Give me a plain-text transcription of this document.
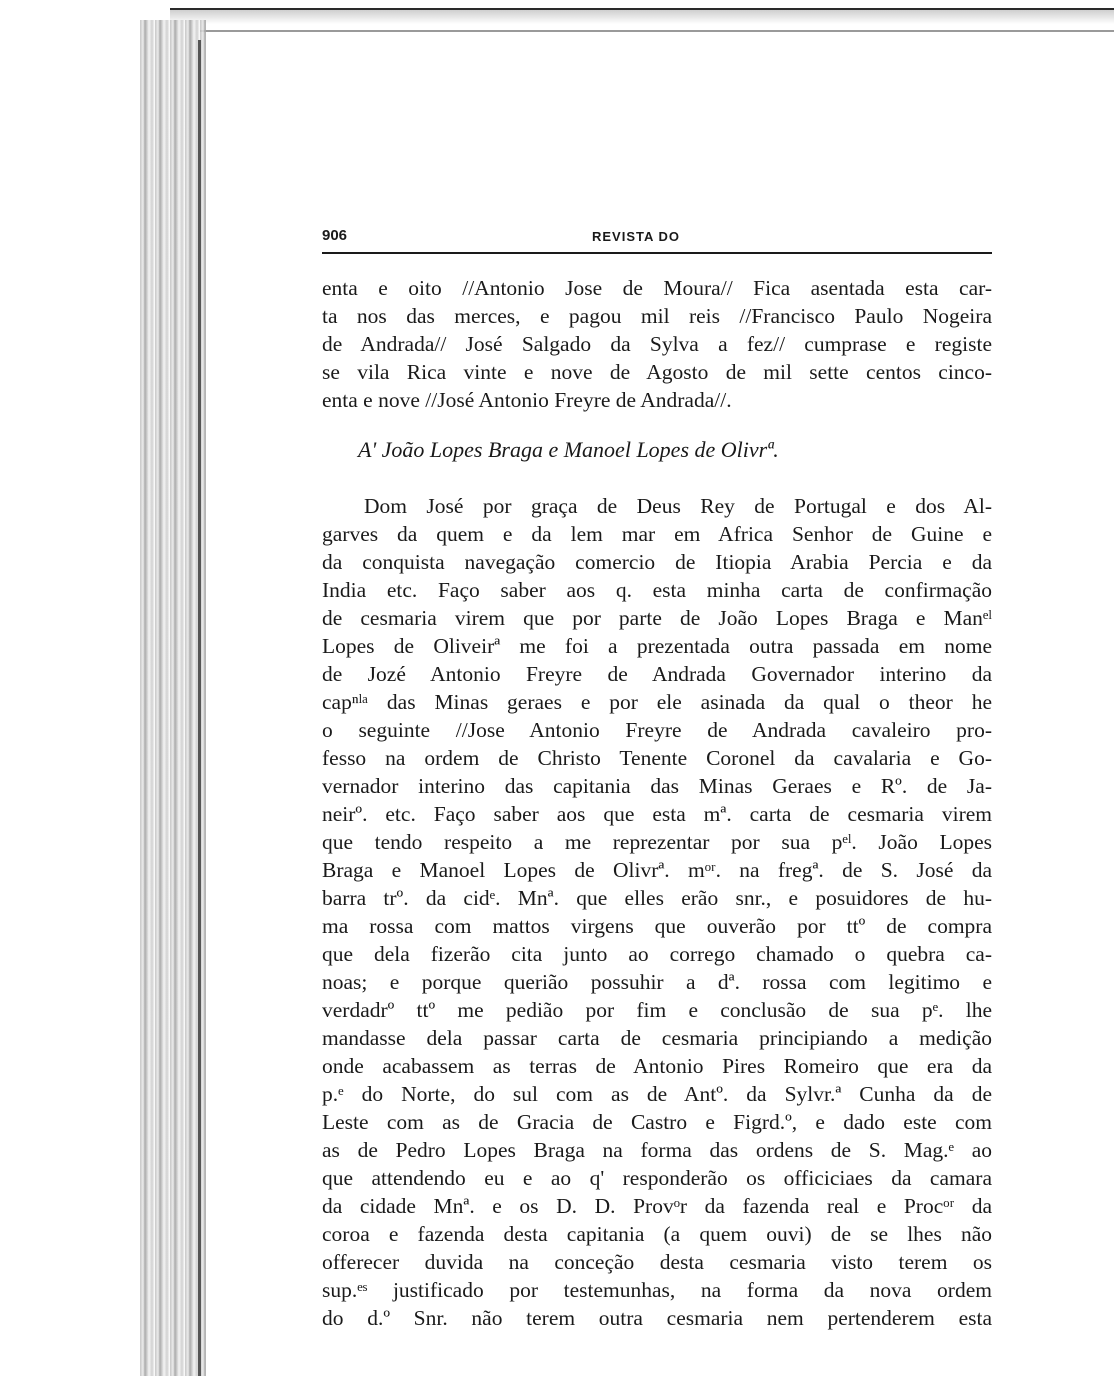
906	REVISTA DO

enta e oito //Antonio Jose de Moura// Fica asentada esta car-
ta nos das merces, e pagou mil reis //Francisco Paulo Nogeira
de Andrada// José Salgado da Sylva a fez// cumprase e registe
se vila Rica vinte e nove de Agosto de mil sette centos cinco-
enta e nove //José Antonio Freyre de Andrada//.

A' João Lopes Braga e Manoel Lopes de Olivrª.

Dom José por graça de Deus Rey de Portugal e dos Al-
garves da quem e da lem mar em Africa Senhor de Guine e
da conquista navegação comercio de Itiopia Arabia Percia e da
India etc. Faço saber aos q. esta minha carta de confirmação
de cesmaria virem que por parte de João Lopes Braga e Manᵉˡ
Lopes de Oliveirª me foi a prezentada outra passada em nome
de Jozé Antonio Freyre de Andrada Governador interino da
capⁿˡᵃ das Minas geraes e por ele asinada da qual o theor he
o seguinte //Jose Antonio Freyre de Andrada cavaleiro pro-
fesso na ordem de Christo Tenente Coronel da cavalaria e Go-
vernador interino das capitania das Minas Geraes e Rº. de Ja-
neirº. etc. Faço saber aos que esta mª. carta de cesmaria virem
que tendo respeito a me reprezentar por sua pᵉˡ. João Lopes
Braga e Manoel Lopes de Olivrª. mᵒʳ. na fregª. de S. José da
barra trº. da cidᵉ. Mnª. que elles erão snr., e posuidores de hu-
ma rossa com mattos virgens que ouverão por ttº de compra
que dela fizerão cita junto ao corrego chamado o quebra ca-
noas; e porque querião possuhir a dª. rossa com legitimo e
verdadrº ttº me pedião por fim e conclusão de sua pᵉ. lhe
mandasse dela passar carta de cesmaria principiando a medição
onde acabassem as terras de Antonio Pires Romeiro que era da
p.ᵉ do Norte, do sul com as de Antº. da Sylvr.ª Cunha da de
Leste com as de Gracia de Castro e Figrd.º, e dado este com
as de Pedro Lopes Braga na forma das ordens de S. Mag.ᵉ ao
que attendendo eu e ao q' responderão os officiciaes da camara
da cidade Mnª. e os D. D. Provᵒr da fazenda real e Procᵒʳ da
coroa e fazenda desta capitania (a quem ouvi) de se lhes não
offerecer duvida na conceção desta cesmaria visto terem os
sup.ᵉˢ justificado por testemunhas, na forma da nova ordem
do d.º Snr. não terem outra cesmaria nem pertenderem esta
